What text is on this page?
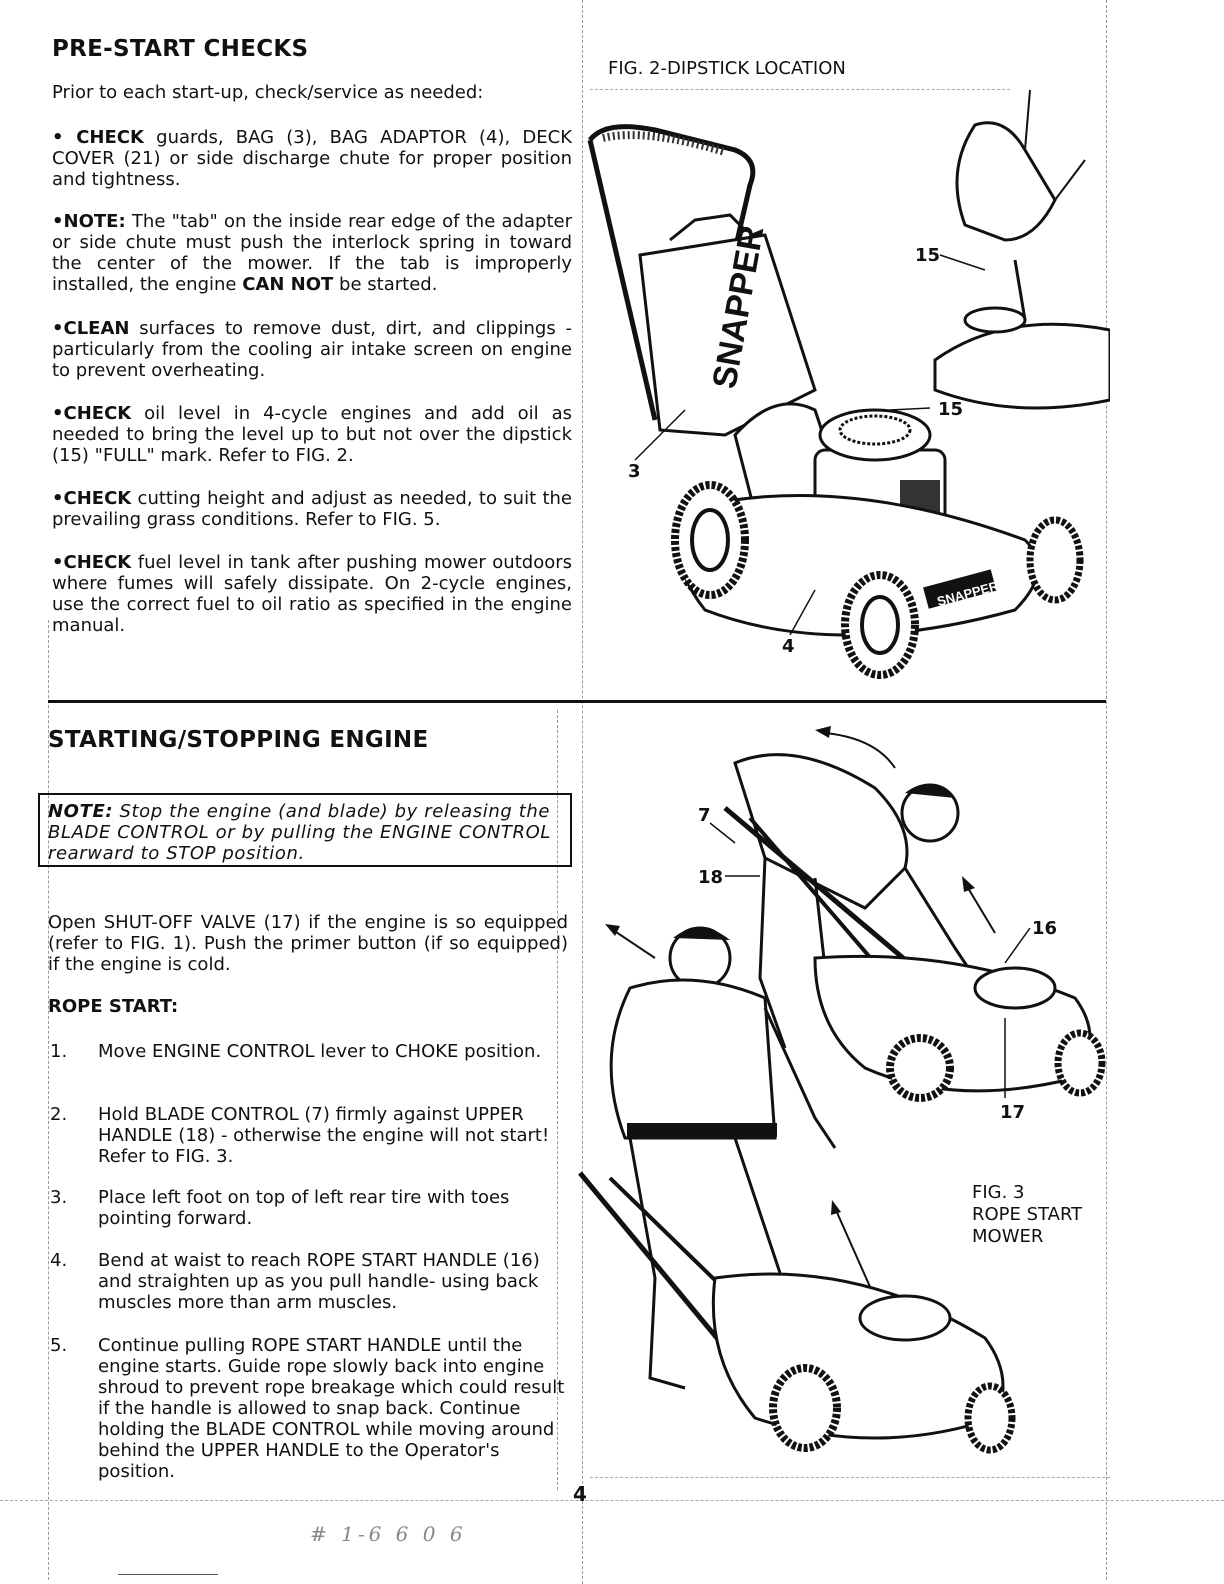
PRE-START CHECKS
Prior to each start-up, check/service as needed:
• CHECK guards, BAG (3), BAG ADAPTOR (4), DECK COVER (21) or side discharge chute for proper position and tightness.
•NOTE: The "tab" on the inside rear edge of the adapter or side chute must push the interlock spring in toward the center of the mower. If the tab is improperly installed, the engine CAN NOT be started.
•CLEAN surfaces to remove dust, dirt, and clippings - particularly from the cooling air intake screen on engine to prevent overheating.
•CHECK oil level in 4-cycle engines and add oil as needed to bring the level up to but not over the dipstick (15) "FULL" mark. Refer to FIG. 2.
•CHECK cutting height and adjust as needed, to suit the prevailing grass conditions. Refer to FIG. 5.
•CHECK fuel level in tank after pushing mower outdoors where fumes will safely dissipate. On 2-cycle engines, use the correct fuel to oil ratio as specified in the engine manual.
FIG. 2-DIPSTICK LOCATION
SNAPPER
SNAPPER
15
15
3
4
STARTING/STOPPING ENGINE
NOTE: Stop the engine (and blade) by releasing the BLADE CONTROL or by pulling the ENGINE CONTROL rearward to STOP position.
Open SHUT-OFF VALVE (17) if the engine is so equipped (refer to FIG. 1). Push the primer button (if so equipped) if the engine is cold.
ROPE START:
1.	Move ENGINE CONTROL lever to CHOKE position.
2.	Hold BLADE CONTROL (7) firmly against UPPER HANDLE (18) - otherwise the engine will not start! Refer to FIG. 3.
3.	Place left foot on top of left rear tire with toes pointing forward.
4.	Bend at waist to reach ROPE START HANDLE (16) and straighten up as you pull handle- using back muscles more than arm muscles.
5.	Continue pulling ROPE START HANDLE until the engine starts. Guide rope slowly back into engine shroud to prevent rope breakage which could result if the handle is allowed to snap back. Continue holding the BLADE CONTROL while moving around behind the UPPER HANDLE to the Operator's position.
7
18
16
17
FIG. 3
ROPE START
MOWER
4
# 1-6 6 0 6
